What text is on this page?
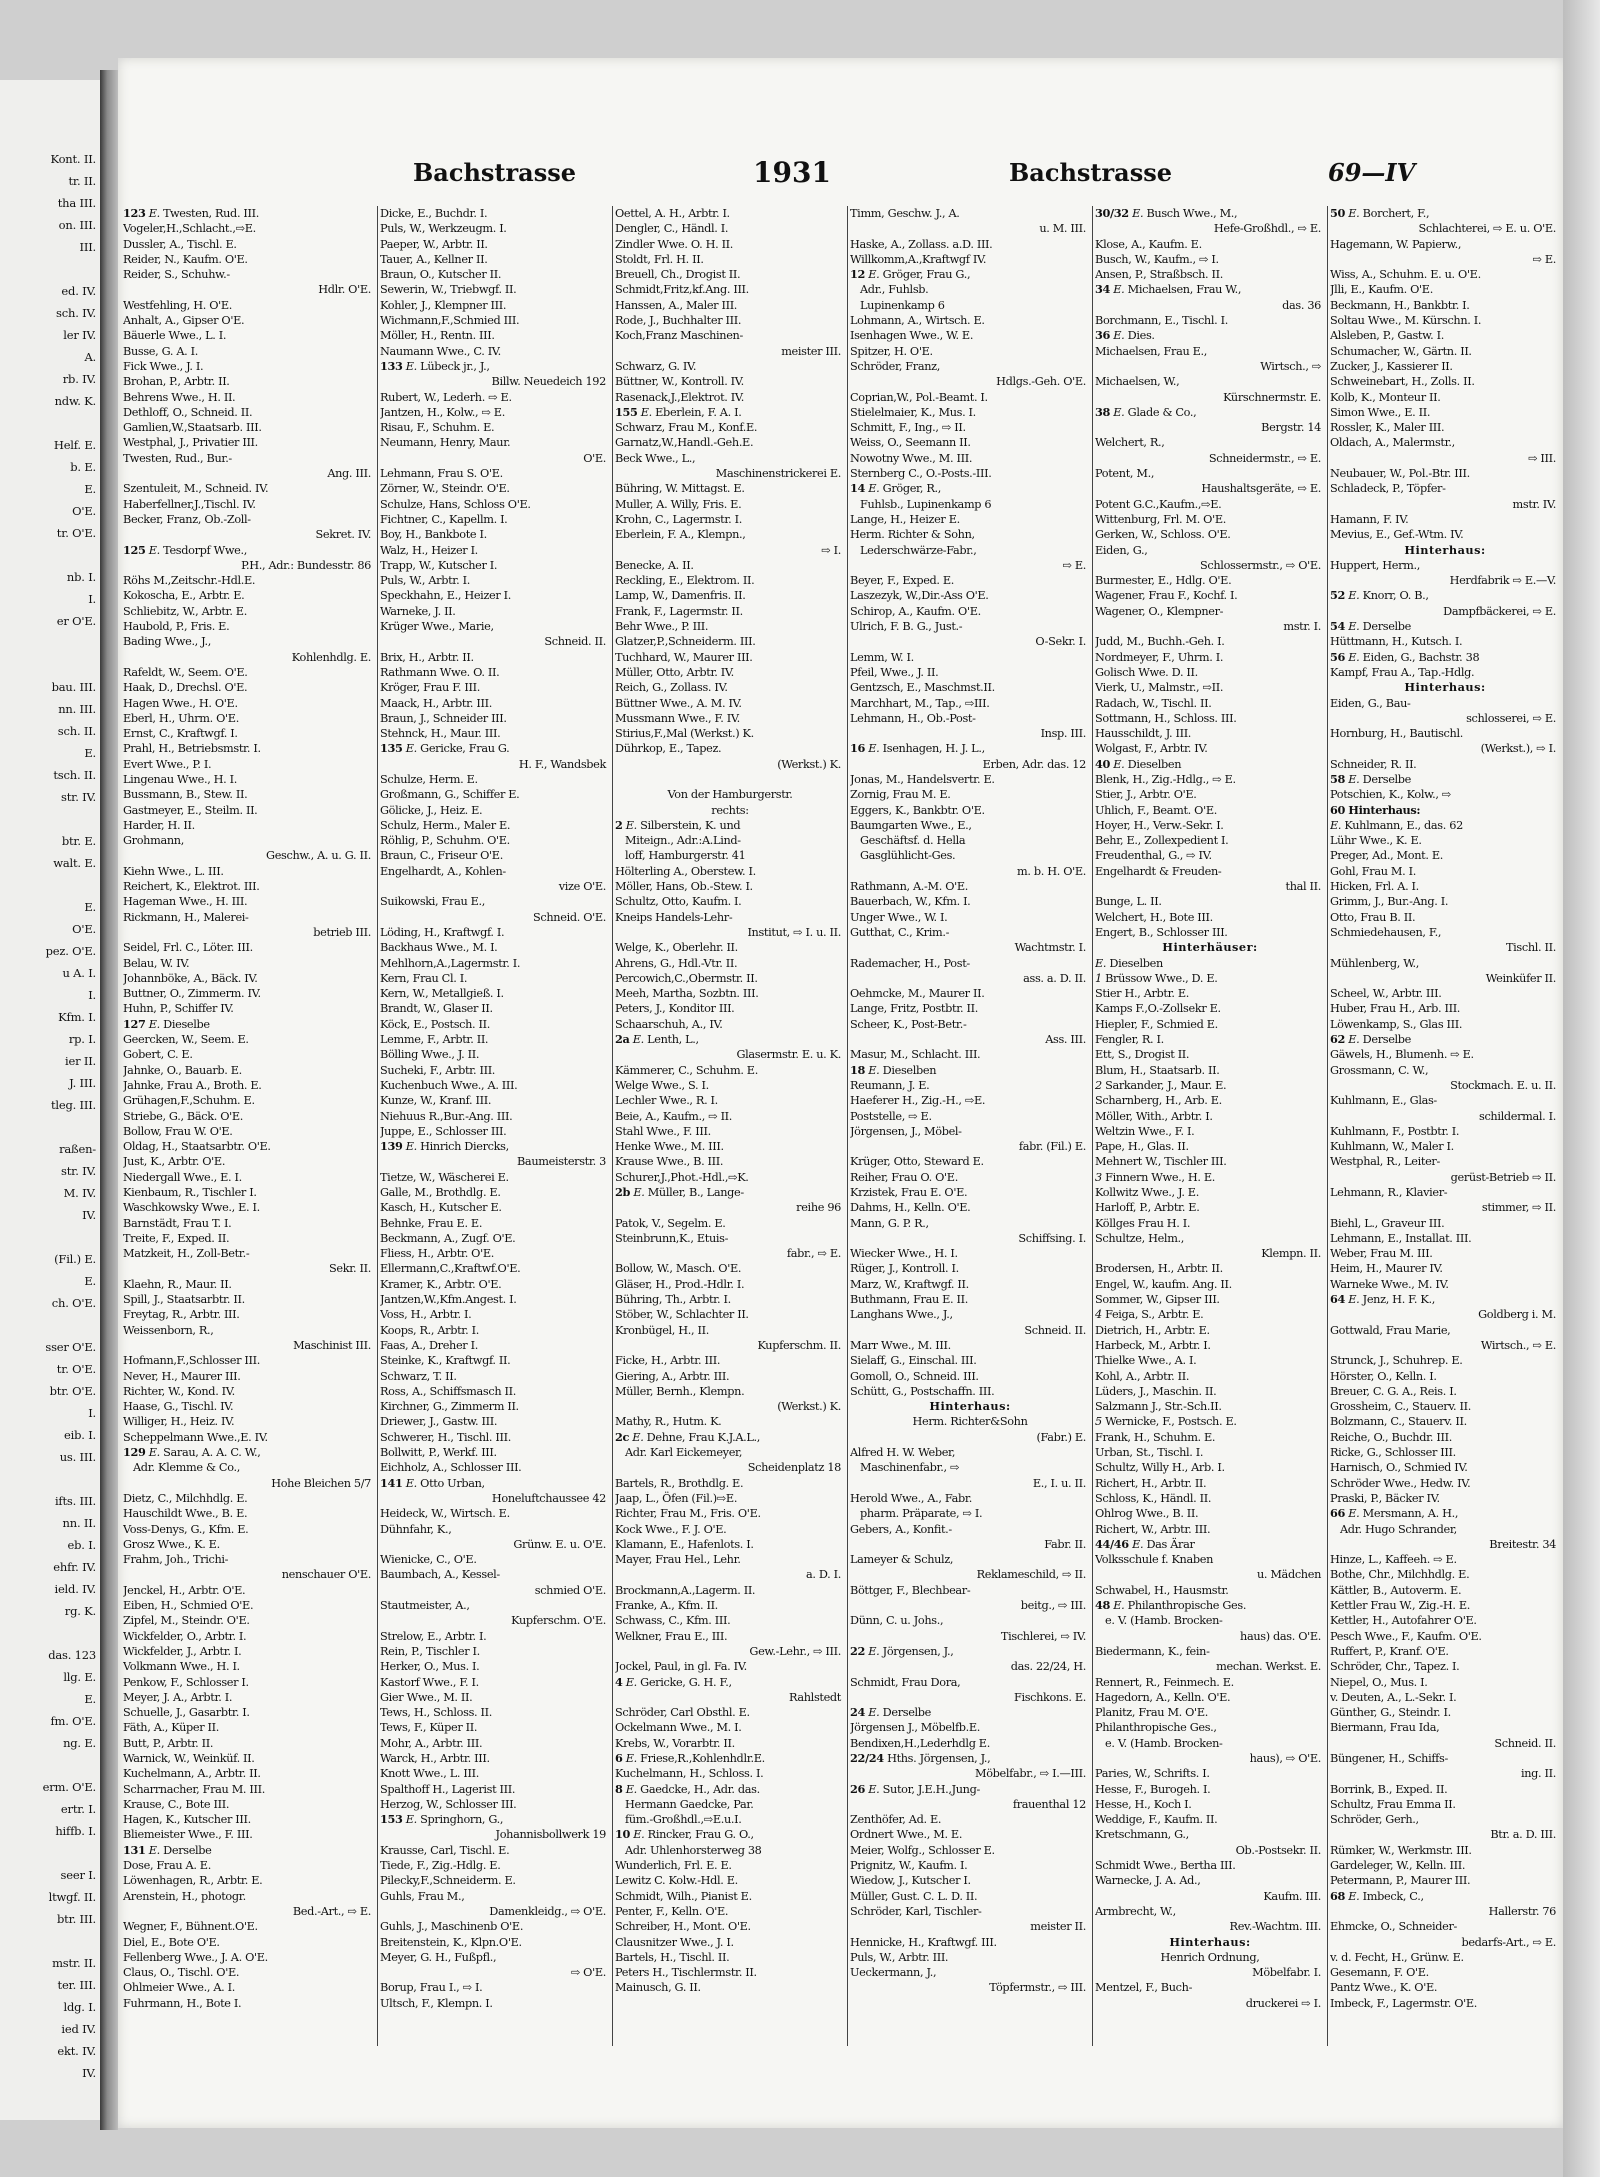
Kont. II.
tr. II.
tha III.
on. III.
III.
ed. IV.
sch. IV.
ler IV.
A.
rb. IV.
ndw. K.
Helf. E.
b. E.
E.
O'E.
tr. O'E.
nb. I.
I.
er O'E.
bau. III.
nn. III.
sch. II.
E.
tsch. II.
str. IV.
btr. E.
walt. E.
E.
O'E.
pez. O'E.
u A. I.
I.
Kfm. I.
rp. I.
ier II.
J. III.
tleg. III.
raßen-
str. IV.
M. IV.
IV.
(Fil.) E.
E.
ch. O'E.
sser O'E.
tr. O'E.
btr. O'E.
I.
eib. I.
us. III.
ifts. III.
nn. II.
eb. I.
ehfr. IV.
ield. IV.
rg. K.
das. 123
llg. E.
E.
fm. O'E.
ng. E.
erm. O'E.
ertr. I.
hiffb. I.
seer I.
ltwgf. II.
btr. III.
mstr. II.
ter. III.
ldg. I.
ied IV.
ekt. IV.
IV.
Bachstrasse	1931	Bachstrasse	69—IV
123 E. Twesten, Rud. III.
Vogeler,H.,Schlacht.,⇨E.
Dussler, A., Tischl. E.
Reider, N., Kaufm. O'E.
Reider, S., Schuhw.-
Hdlr. O'E.
Westfehling, H. O'E.
Anhalt, A., Gipser O'E.
Bäuerle Wwe., L. I.
Busse, G. A. I.
Fick Wwe., J. I.
Brohan, P., Arbtr. II.
Behrens Wwe., H. II.
Dethloff, O., Schneid. II.
Gamlien,W.,Staatsarb. III.
Westphal, J., Privatier III.
Twesten, Rud., Bur.-
Ang. III.
Szentuleit, M., Schneid. IV.
Haberfellner,J.,Tischl. IV.
Becker, Franz, Ob.-Zoll-
Sekret. IV.
125 E. Tesdorpf Wwe.,
P.H., Adr.: Bundesstr. 86
Röhs M.,Zeitschr.-Hdl.E.
Kokoscha, E., Arbtr. E.
Schliebitz, W., Arbtr. E.
Haubold, P., Fris. E.
Bading Wwe., J.,
Kohlenhdlg. E.
Rafeldt, W., Seem. O'E.
Haak, D., Drechsl. O'E.
Hagen Wwe., H. O'E.
Eberl, H., Uhrm. O'E.
Ernst, C., Kraftwgf. I.
Prahl, H., Betriebsmstr. I.
Evert Wwe., P. I.
Lingenau Wwe., H. I.
Bussmann, B., Stew. II.
Gastmeyer, E., Steilm. II.
Harder, H. II.
Grohmann,
Geschw., A. u. G. II.
Kiehn Wwe., L. III.
Reichert, K., Elektrot. III.
Hageman Wwe., H. III.
Rickmann, H., Malerei-
betrieb III.
Seidel, Frl. C., Löter. III.
Belau, W. IV.
Johannböke, A., Bäck. IV.
Buttner, O., Zimmerm. IV.
Huhn, P., Schiffer IV.
127 E. Dieselbe
Geercken, W., Seem. E.
Gobert, C. E.
Jahnke, O., Bauarb. E.
Jahnke, Frau A., Broth. E.
Grühagen,F.,Schuhm. E.
Striebe, G., Bäck. O'E.
Bollow, Frau W. O'E.
Oldag, H., Staatsarbtr. O'E.
Just, K., Arbtr. O'E.
Niedergall Wwe., E. I.
Kienbaum, R., Tischler I.
Waschkowsky Wwe., E. I.
Barnstädt, Frau T. I.
Treite, F., Exped. II.
Matzkeit, H., Zoll-Betr.-
Sekr. II.
Klaehn, R., Maur. II.
Spill, J., Staatsarbtr. II.
Freytag, R., Arbtr. III.
Weissenborn, R.,
Maschinist III.
Hofmann,F.,Schlosser III.
Never, H., Maurer III.
Richter, W., Kond. IV.
Haase, G., Tischl. IV.
Williger, H., Heiz. IV.
Scheppelmann Wwe.,E. IV.
129 E. Sarau, A. A. C. W.,
Adr. Klemme & Co.,
Hohe Bleichen 5/7
Dietz, C., Milchhdlg. E.
Hauschildt Wwe., B. E.
Voss-Denys, G., Kfm. E.
Grosz Wwe., K. E.
Frahm, Joh., Trichi-
nenschauer O'E.
Jenckel, H., Arbtr. O'E.
Eiben, H., Schmied O'E.
Zipfel, M., Steindr. O'E.
Wickfelder, O., Arbtr. I.
Wickfelder, J., Arbtr. I.
Volkmann Wwe., H. I.
Penkow, F., Schlosser I.
Meyer, J. A., Arbtr. I.
Schuelle, J., Gasarbtr. I.
Fäth, A., Küper II.
Butt, P., Arbtr. II.
Warnick, W., Weinküf. II.
Kuchelmann, A., Arbtr. II.
Scharrnacher, Frau M. III.
Krause, C., Bote III.
Hagen, K., Kutscher III.
Bliemeister Wwe., F. III.
131 E. Derselbe
Dose, Frau A. E.
Löwenhagen, R., Arbtr. E.
Arenstein, H., photogr.
Bed.-Art., ⇨ E.
Wegner, F., Bühnent.O'E.
Diel, E., Bote O'E.
Fellenberg Wwe., J. A. O'E.
Claus, O., Tischl. O'E.
Ohlmeier Wwe., A. I.
Fuhrmann, H., Bote I.
Dicke, E., Buchdr. I.
Puls, W., Werkzeugm. I.
Paeper, W., Arbtr. II.
Tauer, A., Kellner II.
Braun, O., Kutscher II.
Sewerin, W., Triebwgf. II.
Kohler, J., Klempner III.
Wichmann,F.,Schmied III.
Möller, H., Rentn. III.
Naumann Wwe., C. IV.
133 E. Lübeck jr., J.,
Billw. Neuedeich 192
Rubert, W., Lederh. ⇨ E.
Jantzen, H., Kolw., ⇨ E.
Risau, F., Schuhm. E.
Neumann, Henry, Maur.
O'E.
Lehmann, Frau S. O'E.
Zörner, W., Steindr. O'E.
Schulze, Hans, Schloss O'E.
Fichtner, C., Kapellm. I.
Boy, H., Bankbote I.
Walz, H., Heizer I.
Trapp, W., Kutscher I.
Puls, W., Arbtr. I.
Speckhahn, E., Heizer I.
Warneke, J. II.
Krüger Wwe., Marie,
Schneid. II.
Brix, H., Arbtr. II.
Rathmann Wwe. O. II.
Kröger, Frau F. III.
Maack, H., Arbtr. III.
Braun, J., Schneider III.
Stehnck, H., Maur. III.
135 E. Gericke, Frau G.
H. F., Wandsbek
Schulze, Herm. E.
Großmann, G., Schiffer E.
Gölicke, J., Heiz. E.
Schulz, Herm., Maler E.
Röhlig, P., Schuhm. O'E.
Braun, C., Friseur O'E.
Engelhardt, A., Kohlen-
vize O'E.
Suikowski, Frau E.,
Schneid. O'E.
Löding, H., Kraftwgf. I.
Backhaus Wwe., M. I.
Mehlhorn,A.,Lagermstr. I.
Kern, Frau Cl. I.
Kern, W., Metallgieß. I.
Brandt, W., Glaser II.
Köck, E., Postsch. II.
Lemme, F., Arbtr. II.
Bölling Wwe., J. II.
Sucheki, F., Arbtr. III.
Kuchenbuch Wwe., A. III.
Kunze, W., Kranf. III.
Niehuus R.,Bur.-Ang. III.
Juppe, E., Schlosser III.
139 E. Hinrich Diercks,
Baumeisterstr. 3
Tietze, W., Wäscherei E.
Galle, M., Brothdlg. E.
Kasch, H., Kutscher E.
Behnke, Frau E. E.
Beckmann, A., Zugf. O'E.
Fliess, H., Arbtr. O'E.
Ellermann,C.,Kraftwf.O'E.
Kramer, K., Arbtr. O'E.
Jantzen,W.,Kfm.Angest. I.
Voss, H., Arbtr. I.
Koops, R., Arbtr. I.
Faas, A., Dreher I.
Steinke, K., Kraftwgf. II.
Schwarz, T. II.
Ross, A., Schiffsmasch II.
Kirchner, G., Zimmerm II.
Driewer, J., Gastw. III.
Schwerer, H., Tischl. III.
Bollwitt, P., Werkf. III.
Eichholz, A., Schlosser III.
141 E. Otto Urban,
Honeluftchaussee 42
Heideck, W., Wirtsch. E.
Dühnfahr, K.,
Grünw. E. u. O'E.
Wienicke, C., O'E.
Baumbach, A., Kessel-
schmied O'E.
Stautmeister, A.,
Kupferschm. O'E.
Strelow, E., Arbtr. I.
Rein, P., Tischler I.
Herker, O., Mus. I.
Kastorf Wwe., F. I.
Gier Wwe., M. II.
Tews, H., Schloss. II.
Tews, F., Küper II.
Mohr, A., Arbtr. III.
Warck, H., Arbtr. III.
Knott Wwe., L. III.
Spalthoff H., Lagerist III.
Herzog, W., Schlosser III.
153 E. Springhorn, G.,
Johannisbollwerk 19
Krausse, Carl, Tischl. E.
Tiede, F., Zig.-Hdlg. E.
Pilecky,F.,Schneiderm. E.
Guhls, Frau M.,
Damenkleidg., ⇨ O'E.
Guhls, J., Maschinenb O'E.
Breitenstein, K., Klpn.O'E.
Meyer, G. H., Fußpfl.,
⇨ O'E.
Borup, Frau I., ⇨ I.
Ultsch, F., Klempn. I.
Oettel, A. H., Arbtr. I.
Dengler, C., Händl. I.
Zindler Wwe. O. H. II.
Stoldt, Frl. H. II.
Breuell, Ch., Drogist II.
Schmidt,Fritz,kf.Ang. III.
Hanssen, A., Maler III.
Rode, J., Buchhalter III.
Koch,Franz Maschinen-
meister III.
Schwarz, G. IV.
Büttner, W., Kontroll. IV.
Rasenack,J.,Elektrot. IV.
155 E. Eberlein, F. A. I.
Schwarz, Frau M., Konf.E.
Garnatz,W.,Handl.-Geh.E.
Beck Wwe., L.,
Maschinenstrickerei E.
Bühring, W. Mittagst. E.
Muller, A. Willy, Fris. E.
Krohn, C., Lagermstr. I.
Eberlein, F. A., Klempn.,
⇨ I.
Benecke, A. II.
Reckling, E., Elektrom. II.
Lamp, W., Damenfris. II.
Frank, F., Lagermstr. II.
Behr Wwe., P. III.
Glatzer,P.,Schneiderm. III.
Tuchhard, W., Maurer III.
Müller, Otto, Arbtr. IV.
Reich, G., Zollass. IV.
Büttner Wwe., A. M. IV.
Mussmann Wwe., F. IV.
Stirius,F.,Mal (Werkst.) K.
Dührkop, E., Tapez.
(Werkst.) K.

Von der Hamburgerstr.
rechts:
2 E. Silberstein, K. und
Miteign., Adr.:A.Lind-
loff, Hamburgerstr. 41
Hölterling A., Oberstew. I.
Möller, Hans, Ob.-Stew. I.
Schultz, Otto, Kaufm. I.
Kneips Handels-Lehr-
Institut, ⇨ I. u. II.
Welge, K., Oberlehr. II.
Ahrens, G., Hdl.-Vtr. II.
Percowich,C.,Obermstr. II.
Meeh, Martha, Sozbtn. III.
Peters, J., Konditor III.
Schaarschuh, A., IV.
2a E. Lenth, L.,
Glasermstr. E. u. K.
Kämmerer, C., Schuhm. E.
Welge Wwe., S. I.
Lechler Wwe., R. I.
Beie, A., Kaufm., ⇨ II.
Stahl Wwe., F. III.
Henke Wwe., M. III.
Krause Wwe., B. III.
Schurer,J.,Phot.-Hdl.,⇨K.
2b E. Müller, B., Lange-
reihe 96
Patok, V., Segelm. E.
Steinbrunn,K., Etuis-
fabr., ⇨ E.
Bollow, W., Masch. O'E.
Gläser, H., Prod.-Hdlr. I.
Bühring, Th., Arbtr. I.
Stöber, W., Schlachter II.
Kronbügel, H., II.
Kupferschm. II.
Ficke, H., Arbtr. III.
Giering, A., Arbtr. III.
Müller, Bernh., Klempn.
(Werkst.) K.
Mathy, R., Hutm. K.
2c E. Dehne, Frau K.J.A.L.,
Adr. Karl Eickemeyer,
Scheidenplatz 18
Bartels, R., Brothdlg. E.
Jaap, L., Öfen (Fil.)⇨E.
Richter, Frau M., Fris. O'E.
Kock Wwe., F. J. O'E.
Klamann, E., Hafenlots. I.
Mayer, Frau Hel., Lehr.
a. D. I.
Brockmann,A.,Lagerm. II.
Franke, A., Kfm. II.
Schwass, C., Kfm. III.
Welkner, Frau E., III.
Gew.-Lehr., ⇨ III.
Jockel, Paul, in gl. Fa. IV.
4 E. Gericke, G. H. F.,
Rahlstedt
Schröder, Carl Obsthl. E.
Ockelmann Wwe., M. I.
Krebs, W., Vorarbtr. II.
6 E. Friese,R.,Kohlenhdlr.E.
Kuchelmann, H., Schloss. I.
8 E. Gaedcke, H., Adr. das.
Hermann Gaedcke, Par.
füm.-Großhdl.,⇨E.u.I.
10 E. Rincker, Frau G. O.,
Adr. Uhlenhorsterweg 38
Wunderlich, Frl. E. E.
Lewitz C. Kolw.-Hdl. E.
Schmidt, Wilh., Pianist E.
Penter, F., Kelln. O'E.
Schreiber, H., Mont. O'E.
Clausnitzer Wwe., J. I.
Bartels, H., Tischl. II.
Peters H., Tischlermstr. II.
Mainusch, G. II.
Timm, Geschw. J., A.
u. M. III.
Haske, A., Zollass. a.D. III.
Willkomm,A.,Kraftwgf IV.
12 E. Gröger, Frau G.,
Adr., Fuhlsb.
Lupinenkamp 6
Lohmann, A., Wirtsch. E.
Isenhagen Wwe., W. E.
Spitzer, H. O'E.
Schröder, Franz,
Hdlgs.-Geh. O'E.
Coprian,W., Pol.-Beamt. I.
Stielelmaier, K., Mus. I.
Schmitt, F., Ing., ⇨ II.
Weiss, O., Seemann II.
Nowotny Wwe., M. III.
Sternberg C., O.-Posts.-III.
14 E. Gröger, R.,
Fuhlsb., Lupinenkamp 6
Lange, H., Heizer E.
Herm. Richter & Sohn,
Lederschwärze-Fabr.,
⇨ E.
Beyer, F., Exped. E.
Laszezyk, W.,Dir.-Ass O'E.
Schirop, A., Kaufm. O'E.
Ulrich, F. B. G., Just.-
O-Sekr. I.
Lemm, W. I.
Pfeil, Wwe., J. II.
Gentzsch, E., Maschmst.II.
Marchhart, M., Tap., ⇨III.
Lehmann, H., Ob.-Post-
Insp. III.
16 E. Isenhagen, H. J. L.,
Erben, Adr. das. 12
Jonas, M., Handelsvertr. E.
Zornig, Frau M. E.
Eggers, K., Bankbtr. O'E.
Baumgarten Wwe., E.,
Geschäftsf. d. Hella
Gasglühlicht-Ges.
m. b. H. O'E.
Rathmann, A.-M. O'E.
Bauerbach, W., Kfm. I.
Unger Wwe., W. I.
Gutthat, C., Krim.-
Wachtmstr. I.
Rademacher, H., Post-
ass. a. D. II.
Oehmcke, M., Maurer II.
Lange, Fritz, Postbtr. II.
Scheer, K., Post-Betr.-
Ass. III.
Masur, M., Schlacht. III.
18 E. Dieselben
Reumann, J. E.
Haeferer H., Zig.-H., ⇨E.
Poststelle, ⇨ E.
Jörgensen, J., Möbel-
fabr. (Fil.) E.
Krüger, Otto, Steward E.
Reiher, Frau O. O'E.
Krzistek, Frau E. O'E.
Dahms, H., Kelln. O'E.
Mann, G. P. R.,
Schiffsing. I.
Wiecker Wwe., H. I.
Rüger, J., Kontroll. I.
Marz, W., Kraftwgf. II.
Buthmann, Frau E. II.
Langhans Wwe., J.,
Schneid. II.
Marr Wwe., M. III.
Sielaff, G., Einschal. III.
Gomoll, O., Schneid. III.
Schütt, G., Postschaffn. III.
Hinterhaus:
Herm. Richter&Sohn
(Fabr.) E.
Alfred H. W. Weber,
Maschinenfabr., ⇨
E., I. u. II.
Herold Wwe., A., Fabr.
pharm. Präparate, ⇨ I.
Gebers, A., Konfit.-
Fabr. II.
Lameyer & Schulz,
Reklameschild, ⇨ II.
Böttger, F., Blechbear-
beitg., ⇨ III.
Dünn, C. u. Johs.,
Tischlerei, ⇨ IV.
22 E. Jörgensen, J.,
das. 22/24, H.
Schmidt, Frau Dora,
Fischkons. E.
24 E. Derselbe
Jörgensen J., Möbelfb.E.
Bendixen,H.,Lederhdlg E.
22/24 Hths. Jörgensen, J.,
Möbelfabr., ⇨ I.—III.
26 E. Sutor, J.E.H.,Jung-
frauenthal 12
Zenthöfer, Ad. E.
Ordnert Wwe., M. E.
Meier, Wolfg., Schlosser E.
Prignitz, W., Kaufm. I.
Wiedow, J., Kutscher I.
Müller, Gust. C. L. D. II.
Schröder, Karl, Tischler-
meister II.
Hennicke, H., Kraftwgf. III.
Puls, W., Arbtr. III.
Ueckermann, J.,
Töpfermstr., ⇨ III.
30/32 E. Busch Wwe., M.,
Hefe-Großhdl., ⇨ E.
Klose, A., Kaufm. E.
Busch, W., Kaufm., ⇨ I.
Ansen, P., Straßbsch. II.
34 E. Michaelsen, Frau W.,
das. 36
Borchmann, E., Tischl. I.
36 E. Dies.
Michaelsen, Frau E.,
Wirtsch., ⇨
Michaelsen, W.,
Kürschnermstr. E.
38 E. Glade & Co.,
Bergstr. 14
Welchert, R.,
Schneidermstr., ⇨ E.
Potent, M.,
Haushaltsgeräte, ⇨ E.
Potent G.C.,Kaufm.,⇨E.
Wittenburg, Frl. M. O'E.
Gerken, W., Schloss. O'E.
Eiden, G.,
Schlossermstr., ⇨ O'E.
Burmester, E., Hdlg. O'E.
Wagener, Frau F., Kochf. I.
Wagener, O., Klempner-
mstr. I.
Judd, M., Buchh.-Geh. I.
Nordmeyer, F., Uhrm. I.
Golisch Wwe. D. II.
Vierk, U., Malmstr., ⇨II.
Radach, W., Tischl. II.
Sottmann, H., Schloss. III.
Hausschildt, J. III.
Wolgast, F., Arbtr. IV.
40 E. Dieselben
Blenk, H., Zig.-Hdlg., ⇨ E.
Stier, J., Arbtr. O'E.
Uhlich, F., Beamt. O'E.
Hoyer, H., Verw.-Sekr. I.
Behr, E., Zollexpedient I.
Freudenthal, G., ⇨ IV.
Engelhardt & Freuden-
thal II.
Bunge, L. II.
Welchert, H., Bote III.
Engert, B., Schlosser III.
Hinterhäuser:
E. Dieselben
1 Brüssow Wwe., D. E.
Stier H., Arbtr. E.
Kamps F.,O.-Zollsekr E.
Hiepler, F., Schmied E.
Fengler, R. I.
Ett, S., Drogist II.
Blum, H., Staatsarb. II.
2 Sarkander, J., Maur. E.
Scharnberg, H., Arb. E.
Möller, With., Arbtr. I.
Weltzin Wwe., F. I.
Pape, H., Glas. II.
Mehnert W., Tischler III.
3 Finnern Wwe., H. E.
Kollwitz Wwe., J. E.
Harloff, P., Arbtr. E.
Köllges Frau H. I.
Schultze, Helm.,
Klempn. II.
Brodersen, H., Arbtr. II.
Engel, W., kaufm. Ang. II.
Sommer, W., Gipser III.
4 Feiga, S., Arbtr. E.
Dietrich, H., Arbtr. E.
Harbeck, M., Arbtr. I.
Thielke Wwe., A. I.
Kohl, A., Arbtr. II.
Lüders, J., Maschin. II.
Salzmann J., Str.-Sch.II.
5 Wernicke, F., Postsch. E.
Frank, H., Schuhm. E.
Urban, St., Tischl. I.
Schultz, Willy H., Arb. I.
Richert, H., Arbtr. II.
Schloss, K., Händl. II.
Ohlrog Wwe., B. II.
Richert, W., Arbtr. III.
44/46 E. Das Ärar
Volksschule f. Knaben
u. Mädchen
Schwabel, H., Hausmstr.
48 E. Philanthropische Ges.
e. V. (Hamb. Brocken-
haus) das. O'E.
Biedermann, K., fein-
mechan. Werkst. E.
Rennert, R., Feinmech. E.
Hagedorn, A., Kelln. O'E.
Planitz, Frau M. O'E.
Philanthropische Ges.,
e. V. (Hamb. Brocken-
haus), ⇨ O'E.
Paries, W., Schrifts. I.
Hesse, F., Burogeh. I.
Hesse, H., Koch I.
Weddige, F., Kaufm. II.
Kretschmann, G.,
Ob.-Postsekr. II.
Schmidt Wwe., Bertha III.
Warnecke, J. A. Ad.,
Kaufm. III.
Armbrecht, W.,
Rev.-Wachtm. III.
Hinterhaus:
Henrich Ordnung,
Möbelfabr. I.
Mentzel, F., Buch-
druckerei ⇨ I.
50 E. Borchert, F.,
Schlachterei, ⇨ E. u. O'E.
Hagemann, W. Papierw.,
⇨ E.
Wiss, A., Schuhm. E. u. O'E.
Jlli, E., Kaufm. O'E.
Beckmann, H., Bankbtr. I.
Soltau Wwe., M. Kürschn. I.
Alsleben, P., Gastw. I.
Schumacher, W., Gärtn. II.
Zucker, J., Kassierer II.
Schweinebart, H., Zolls. II.
Kolb, K., Monteur II.
Simon Wwe., E. II.
Rossler, K., Maler III.
Oldach, A., Malermstr.,
⇨ III.
Neubauer, W., Pol.-Btr. III.
Schladeck, P., Töpfer-
mstr. IV.
Hamann, F. IV.
Mevius, E., Gef.-Wtm. IV.
Hinterhaus:
Huppert, Herm.,
Herdfabrik ⇨ E.—V.
52 E. Knorr, O. B.,
Dampfbäckerei, ⇨ E.
54 E. Derselbe
Hüttmann, H., Kutsch. I.
56 E. Eiden, G., Bachstr. 38
Kampf, Frau A., Tap.-Hdlg.
Hinterhaus:
Eiden, G., Bau-
schlosserei, ⇨ E.
Hornburg, H., Bautischl.
(Werkst.), ⇨ I.
Schneider, R. II.
58 E. Derselbe
Potschien, K., Kolw., ⇨
60 Hinterhaus:
E. Kuhlmann, E., das. 62
Lühr Wwe., K. E.
Preger, Ad., Mont. E.
Gohl, Frau M. I.
Hicken, Frl. A. I.
Grimm, J., Bur.-Ang. I.
Otto, Frau B. II.
Schmiedehausen, F.,
Tischl. II.
Mühlenberg, W.,
Weinküfer II.
Scheel, W., Arbtr. III.
Huber, Frau H., Arb. III.
Löwenkamp, S., Glas III.
62 E. Derselbe
Gäwels, H., Blumenh. ⇨ E.
Grossmann, C. W.,
Stockmach. E. u. II.
Kuhlmann, E., Glas-
schildermal. I.
Kuhlmann, F., Postbtr. I.
Kuhlmann, W., Maler I.
Westphal, R., Leiter-
gerüst-Betrieb ⇨ II.
Lehmann, R., Klavier-
stimmer, ⇨ II.
Biehl, L., Graveur III.
Lehmann, E., Installat. III.
Weber, Frau M. III.
Heim, H., Maurer IV.
Warneke Wwe., M. IV.
64 E. Jenz, H. F. K.,
Goldberg i. M.
Gottwald, Frau Marie,
Wirtsch., ⇨ E.
Strunck, J., Schuhrep. E.
Hörster, O., Kelln. I.
Breuer, C. G. A., Reis. I.
Grossheim, C., Stauerv. II.
Bolzmann, C., Stauerv. II.
Reiche, O., Buchdr. III.
Ricke, G., Schlosser III.
Harnisch, O., Schmied IV.
Schröder Wwe., Hedw. IV.
Praski, P., Bäcker IV.
66 E. Mersmann, A. H.,
Adr. Hugo Schrander,
Breitestr. 34
Hinze, L., Kaffeeh. ⇨ E.
Bothe, Chr., Milchhdlg. E.
Kättler, B., Autoverm. E.
Kettler Frau W., Zig.-H. E.
Kettler, H., Autofahrer O'E.
Pesch Wwe., F., Kaufm. O'E.
Ruffert, P., Kranf. O'E.
Schröder, Chr., Tapez. I.
Niepel, O., Mus. I.
v. Deuten, A., L.-Sekr. I.
Günther, G., Steindr. I.
Biermann, Frau Ida,
Schneid. II.
Büngener, H., Schiffs-
ing. II.
Borrink, B., Exped. II.
Schultz, Frau Emma II.
Schröder, Gerh.,
Btr. a. D. III.
Rümker, W., Werkmstr. III.
Gardeleger, W., Kelln. III.
Petermann, P., Maurer III.
68 E. Imbeck, C.,
Hallerstr. 76
Ehmcke, O., Schneider-
bedarfs-Art., ⇨ E.
v. d. Fecht, H., Grünw. E.
Gesemann, F. O'E.
Pantz Wwe., K. O'E.
Imbeck, F., Lagermstr. O'E.
